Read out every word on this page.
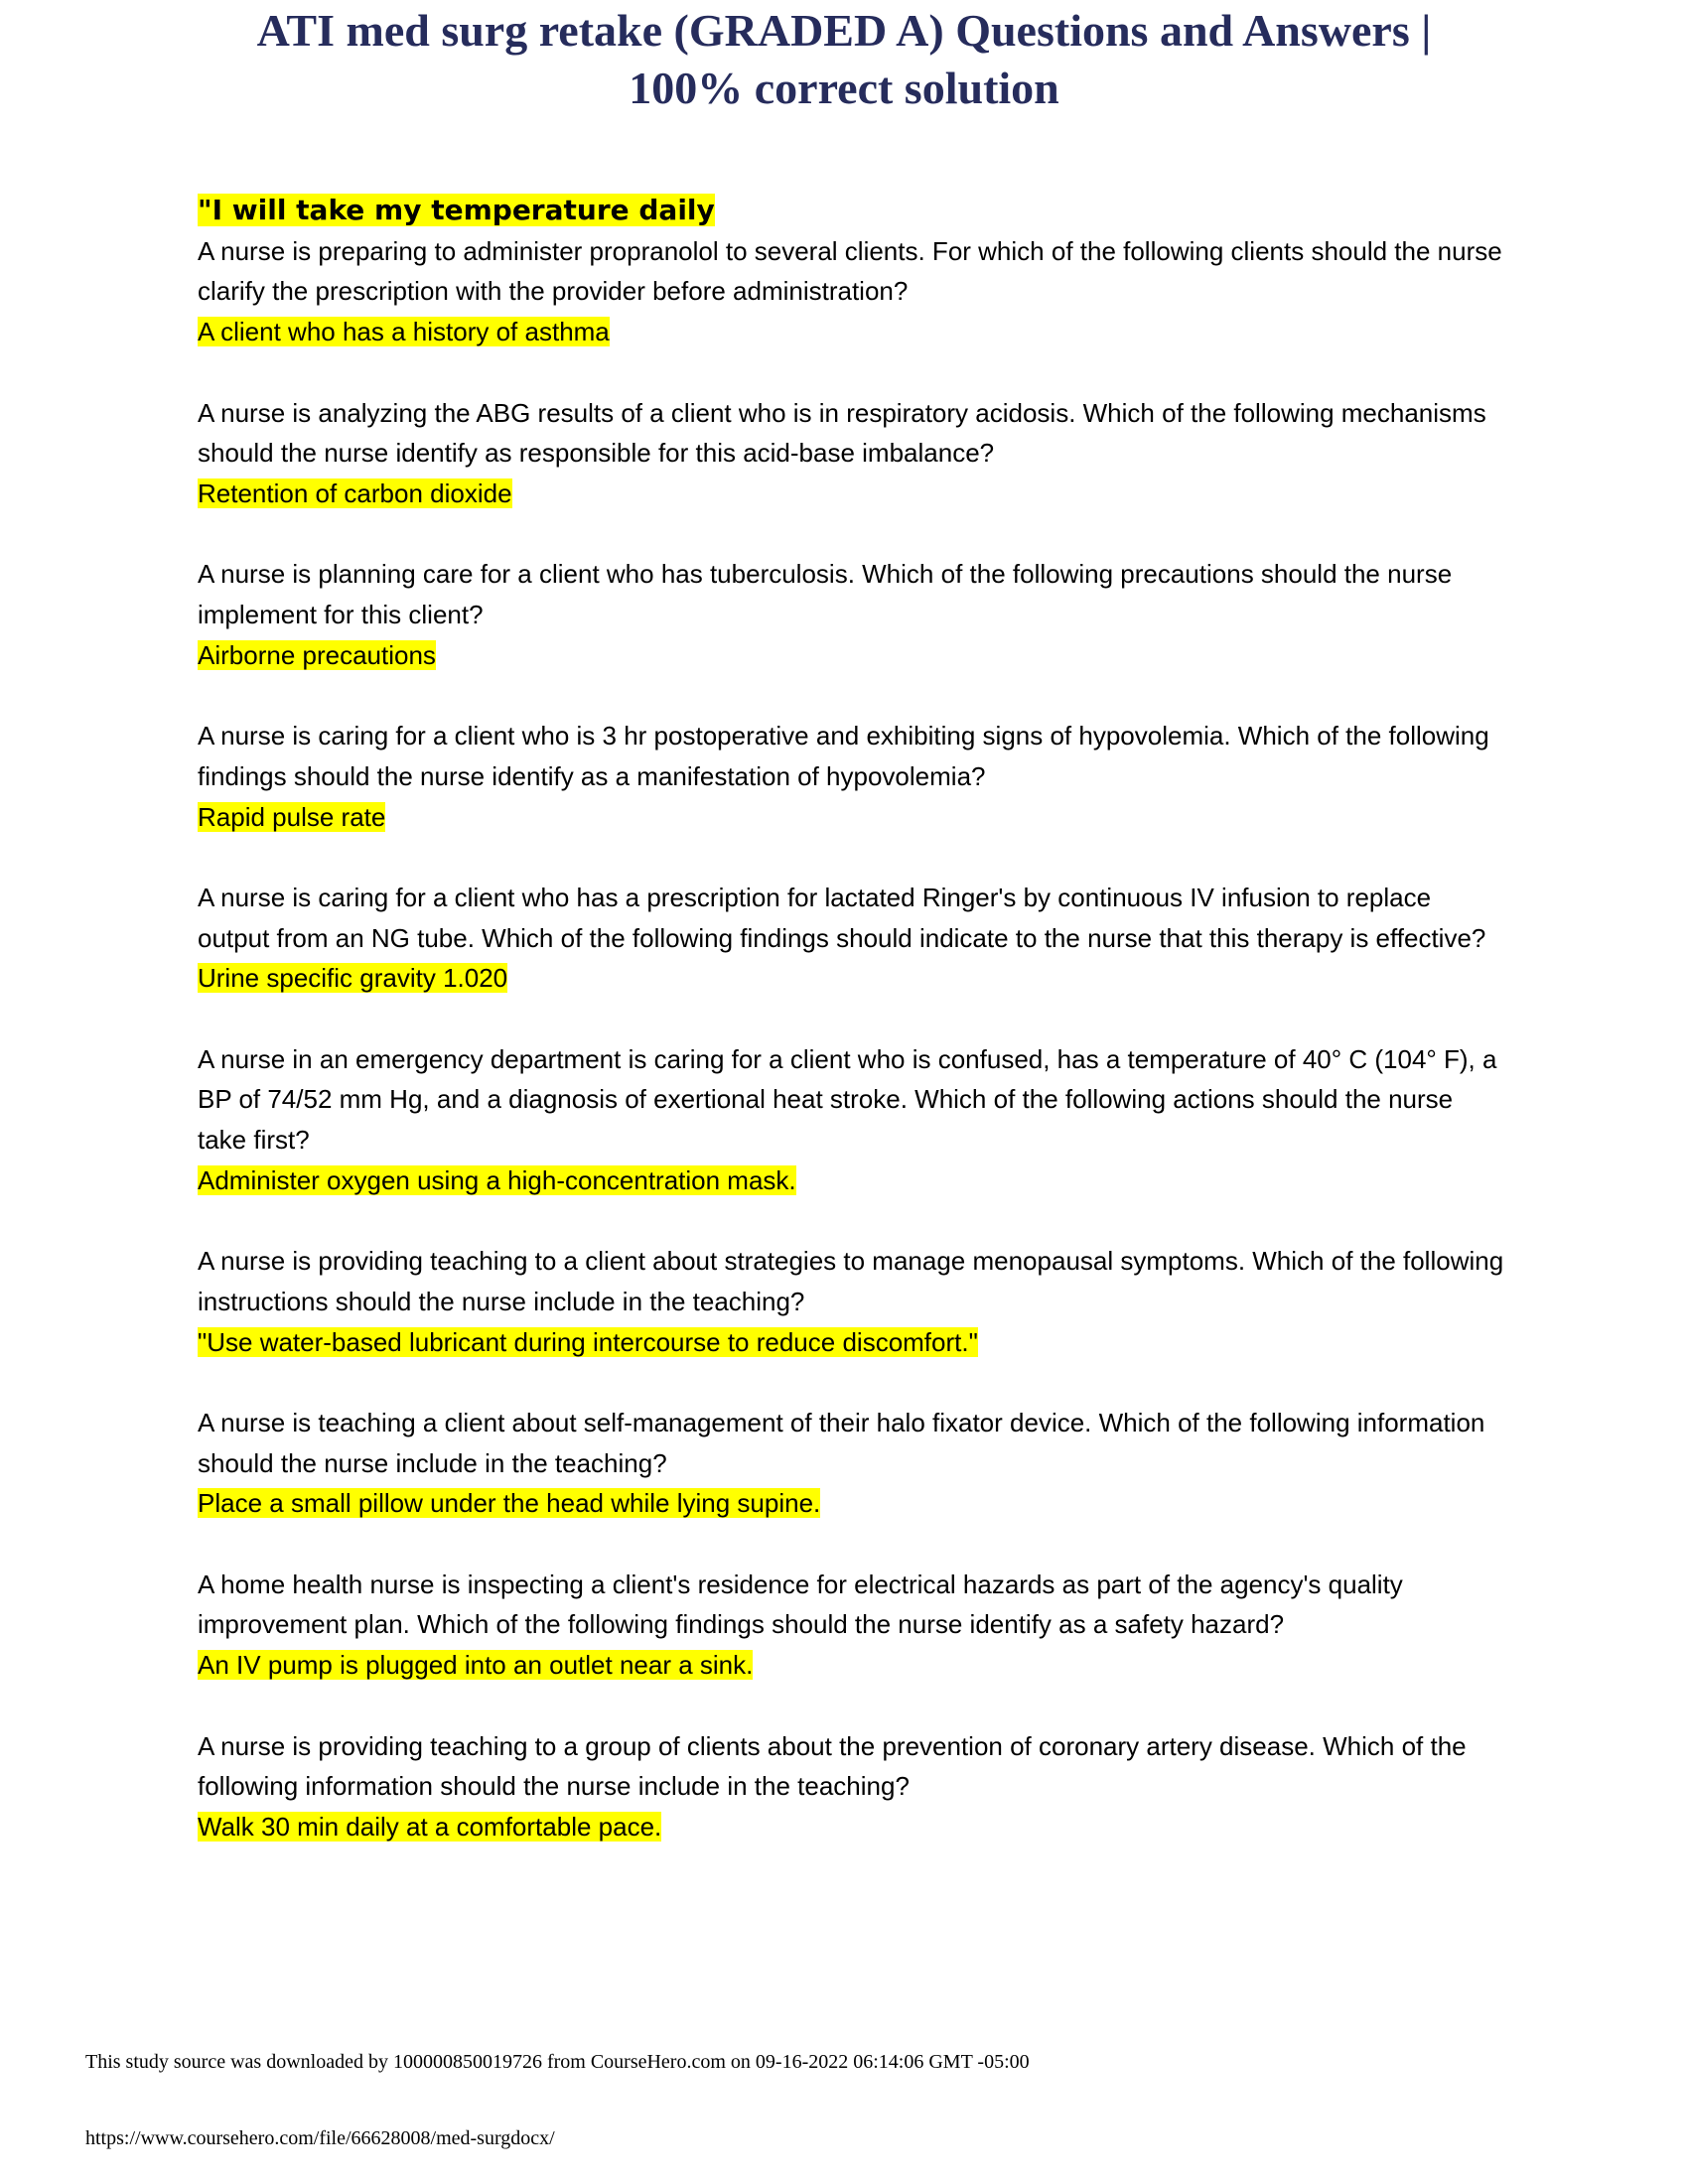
ATI med surg retake (GRADED A) Questions and Answers |
100% correct solution
"I will take my temperature daily

A nurse is preparing to administer propranolol to several clients. For which of the following clients should the nurse clarify the prescription with the provider before administration?

A client who has a history of asthma

A nurse is analyzing the ABG results of a client who is in respiratory acidosis. Which of the following mechanisms should the nurse identify as responsible for this acid-base imbalance?

Retention of carbon dioxide

A nurse is planning care for a client who has tuberculosis. Which of the following precautions should the nurse implement for this client?

Airborne precautions

A nurse is caring for a client who is 3 hr postoperative and exhibiting signs of hypovolemia. Which of the following findings should the nurse identify as a manifestation of hypovolemia?

Rapid pulse rate

A nurse is caring for a client who has a prescription for lactated Ringer's by continuous IV infusion to replace output from an NG tube. Which of the following findings should indicate to the nurse that this therapy is effective?

Urine specific gravity 1.020

A nurse in an emergency department is caring for a client who is confused, has a temperature of 40° C (104° F), a BP of 74/52 mm Hg, and a diagnosis of exertional heat stroke. Which of the following actions should the nurse take first?

Administer oxygen using a high-concentration mask.

A nurse is providing teaching to a client about strategies to manage menopausal symptoms. Which of the following instructions should the nurse include in the teaching?

"Use water-based lubricant during intercourse to reduce discomfort."

A nurse is teaching a client about self-management of their halo fixator device. Which of the following information should the nurse include in the teaching?

Place a small pillow under the head while lying supine.

A home health nurse is inspecting a client's residence for electrical hazards as part of the agency's quality improvement plan. Which of the following findings should the nurse identify as a safety hazard?

An IV pump is plugged into an outlet near a sink.

A nurse is providing teaching to a group of clients about the prevention of coronary artery disease. Which of the following information should the nurse include in the teaching?

Walk 30 min daily at a comfortable pace.

This study source was downloaded by 100000850019726 from CourseHero.com on 09-16-2022 06:14:06 GMT -05:00

https://www.coursehero.com/file/66628008/med-surgdocx/
